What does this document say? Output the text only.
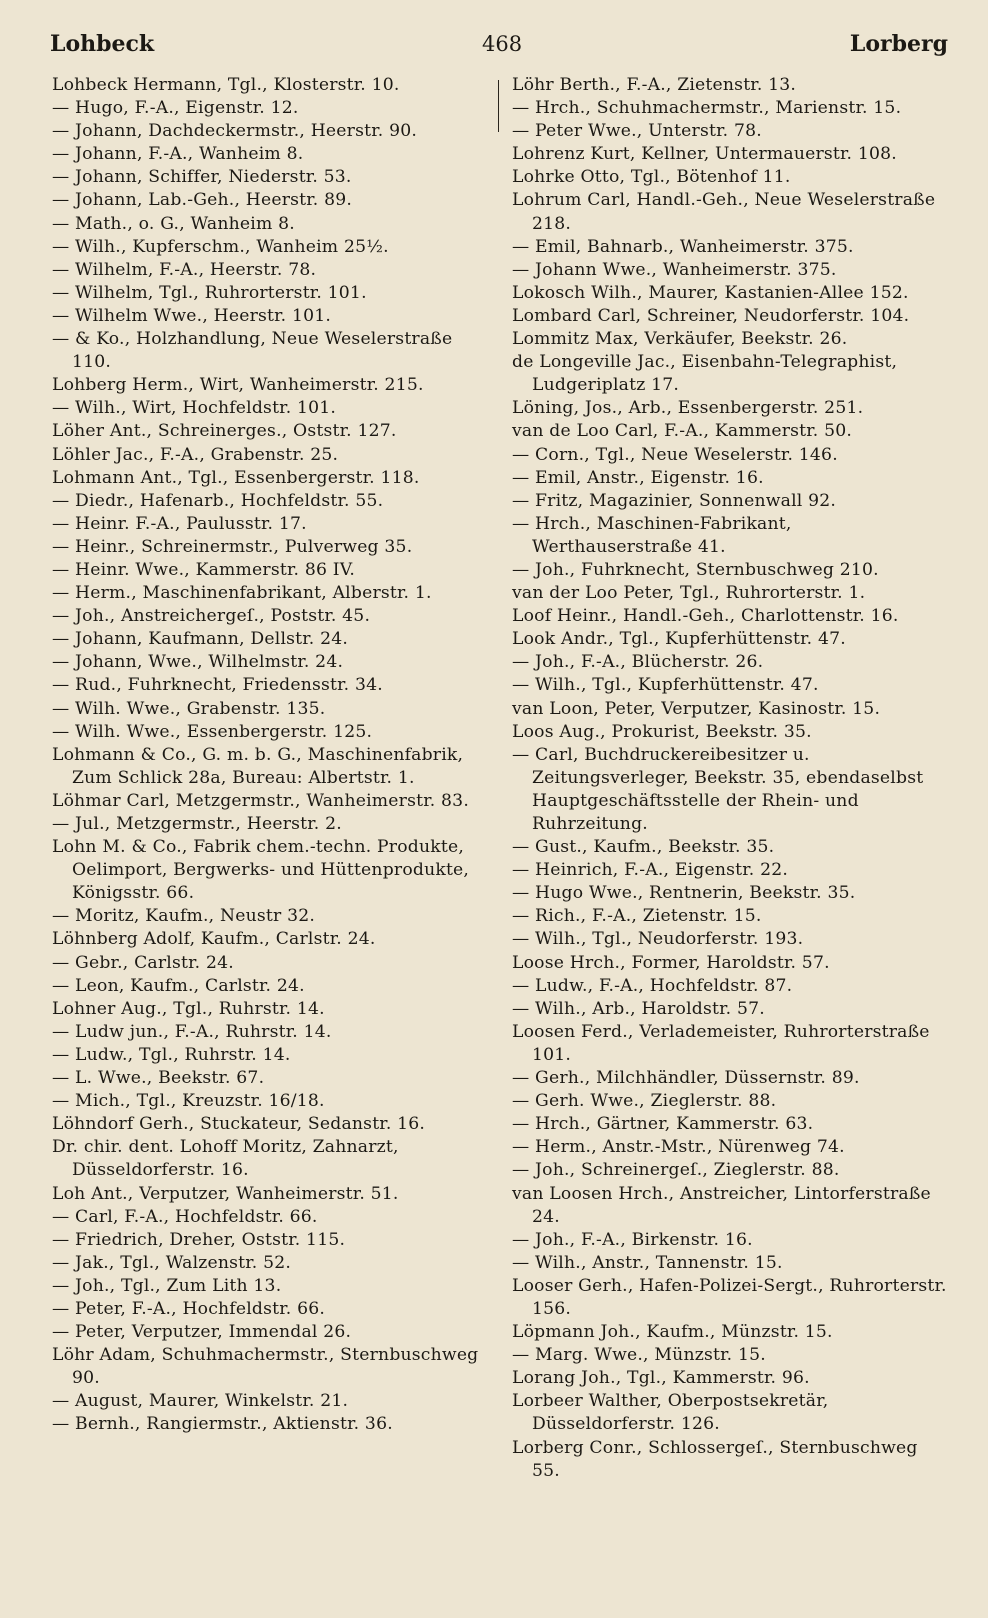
Lohbeck	468	Lorberg

Lohbeck Hermann, Tgl., Klosterstr. 10.

— Hugo, F.-A., Eigenstr. 12.

— Johann, Dachdeckermstr., Heerstr. 90.

— Johann, F.-A., Wanheim 8.

— Johann, Schiffer, Niederstr. 53.

— Johann, Lab.-Geh., Heerstr. 89.

— Math., o. G., Wanheim 8.

— Wilh., Kupferschm., Wanheim 25½.

— Wilhelm, F.-A., Heerstr. 78.

— Wilhelm, Tgl., Ruhrorterstr. 101.

— Wilhelm Wwe., Heerstr. 101.

— & Ko., Holzhandlung, Neue Weselerstraße 110.

Lohberg Herm., Wirt, Wanheimerstr. 215.

— Wilh., Wirt, Hochfeldstr. 101.

Löher Ant., Schreinerges., Oststr. 127.

Löhler Jac., F.-A., Grabenstr. 25.

Lohmann Ant., Tgl., Essenbergerstr. 118.

— Diedr., Hafenarb., Hochfeldstr. 55.

— Heinr. F.-A., Paulusstr. 17.

— Heinr., Schreinermstr., Pulverweg 35.

— Heinr. Wwe., Kammerstr. 86 IV.

— Herm., Maschinenfabrikant, Alberstr. 1.

— Joh., Anstreichergeſ., Poststr. 45.

— Johann, Kaufmann, Dellstr. 24.

— Johann, Wwe., Wilhelmstr. 24.

— Rud., Fuhrknecht, Friedensstr. 34.

— Wilh. Wwe., Grabenstr. 135.

— Wilh. Wwe., Essenbergerstr. 125.

Lohmann & Co., G. m. b. G., Maschinenfabrik, Zum Schlick 28a, Bureau: Albertstr. 1.

Löhmar Carl, Metzgermstr., Wanheimerstr. 83.

— Jul., Metzgermstr., Heerstr. 2.

Lohn M. & Co., Fabrik chem.-techn. Produkte, Oelimport, Bergwerks- und Hüttenprodukte, Königsstr. 66.

— Moritz, Kaufm., Neustr 32.

Löhnberg Adolf, Kaufm., Carlstr. 24.

— Gebr., Carlstr. 24.

— Leon, Kaufm., Carlstr. 24.

Lohner Aug., Tgl., Ruhrstr. 14.

— Ludw jun., F.-A., Ruhrstr. 14.

— Ludw., Tgl., Ruhrstr. 14.

— L. Wwe., Beekstr. 67.

— Mich., Tgl., Kreuzstr. 16/18.

Löhndorf Gerh., Stuckateur, Sedanstr. 16.

Dr. chir. dent. Lohoff Moritz, Zahnarzt, Düsseldorferstr. 16.

Loh Ant., Verputzer, Wanheimerstr. 51.

— Carl, F.-A., Hochfeldstr. 66.

— Friedrich, Dreher, Oststr. 115.

— Jak., Tgl., Walzenstr. 52.

— Joh., Tgl., Zum Lith 13.

— Peter, F.-A., Hochfeldstr. 66.

— Peter, Verputzer, Immendal 26.

Löhr Adam, Schuhmachermstr., Sternbuschweg 90.

— August, Maurer, Winkelstr. 21.

— Bernh., Rangiermstr., Aktienstr. 36.

Löhr Berth., F.-A., Zietenstr. 13.

— Hrch., Schuhmachermstr., Marienstr. 15.

— Peter Wwe., Unterstr. 78.

Lohrenz Kurt, Kellner, Untermauerstr. 108.

Lohrke Otto, Tgl., Bötenhof 11.

Lohrum Carl, Handl.-Geh., Neue Weselerstraße 218.

— Emil, Bahnarb., Wanheimerstr. 375.

— Johann Wwe., Wanheimerstr. 375.

Lokosch Wilh., Maurer, Kastanien-Allee 152.

Lombard Carl, Schreiner, Neudorferstr. 104.

Lommitz Max, Verkäufer, Beekstr. 26.

de Longeville Jac., Eisenbahn-Telegraphist, Ludgeriplatz 17.

Löning, Jos., Arb., Essenbergerstr. 251.

van de Loo Carl, F.-A., Kammerstr. 50.

— Corn., Tgl., Neue Weselerstr. 146.

— Emil, Anstr., Eigenstr. 16.

— Fritz, Magazinier, Sonnenwall 92.

— Hrch., Maschinen-Fabrikant, Werthauserstraße 41.

— Joh., Fuhrknecht, Sternbuschweg 210.

van der Loo Peter, Tgl., Ruhrorterstr. 1.

Loof Heinr., Handl.-Geh., Charlottenstr. 16.

Look Andr., Tgl., Kupferhüttenstr. 47.

— Joh., F.-A., Blücherstr. 26.

— Wilh., Tgl., Kupferhüttenstr. 47.

van Loon, Peter, Verputzer, Kasinostr. 15.

Loos Aug., Prokurist, Beekstr. 35.

— Carl, Buchdruckereibesitzer u. Zeitungsverleger, Beekstr. 35, ebendaselbst Hauptgeschäftsstelle der Rhein- und Ruhrzeitung.

— Gust., Kaufm., Beekstr. 35.

— Heinrich, F.-A., Eigenstr. 22.

— Hugo Wwe., Rentnerin, Beekstr. 35.

— Rich., F.-A., Zietenstr. 15.

— Wilh., Tgl., Neudorferstr. 193.

Loose Hrch., Former, Haroldstr. 57.

— Ludw., F.-A., Hochfeldstr. 87.

— Wilh., Arb., Haroldstr. 57.

Loosen Ferd., Verlademeister, Ruhrorterstraße 101.

— Gerh., Milchhändler, Düssernstr. 89.

— Gerh. Wwe., Zieglerstr. 88.

— Hrch., Gärtner, Kammerstr. 63.

— Herm., Anstr.-Mstr., Nürenweg 74.

— Joh., Schreinergeſ., Zieglerstr. 88.

van Loosen Hrch., Anstreicher, Lintorferstraße 24.

— Joh., F.-A., Birkenstr. 16.

— Wilh., Anstr., Tannenstr. 15.

Looser Gerh., Hafen-Polizei-Sergt., Ruhrorterstr. 156.

Löpmann Joh., Kaufm., Münzstr. 15.

— Marg. Wwe., Münzstr. 15.

Lorang Joh., Tgl., Kammerstr. 96.

Lorbeer Walther, Oberpostsekretär, Düsseldorferstr. 126.

Lorberg Conr., Schlossergeſ., Sternbuschweg 55.
